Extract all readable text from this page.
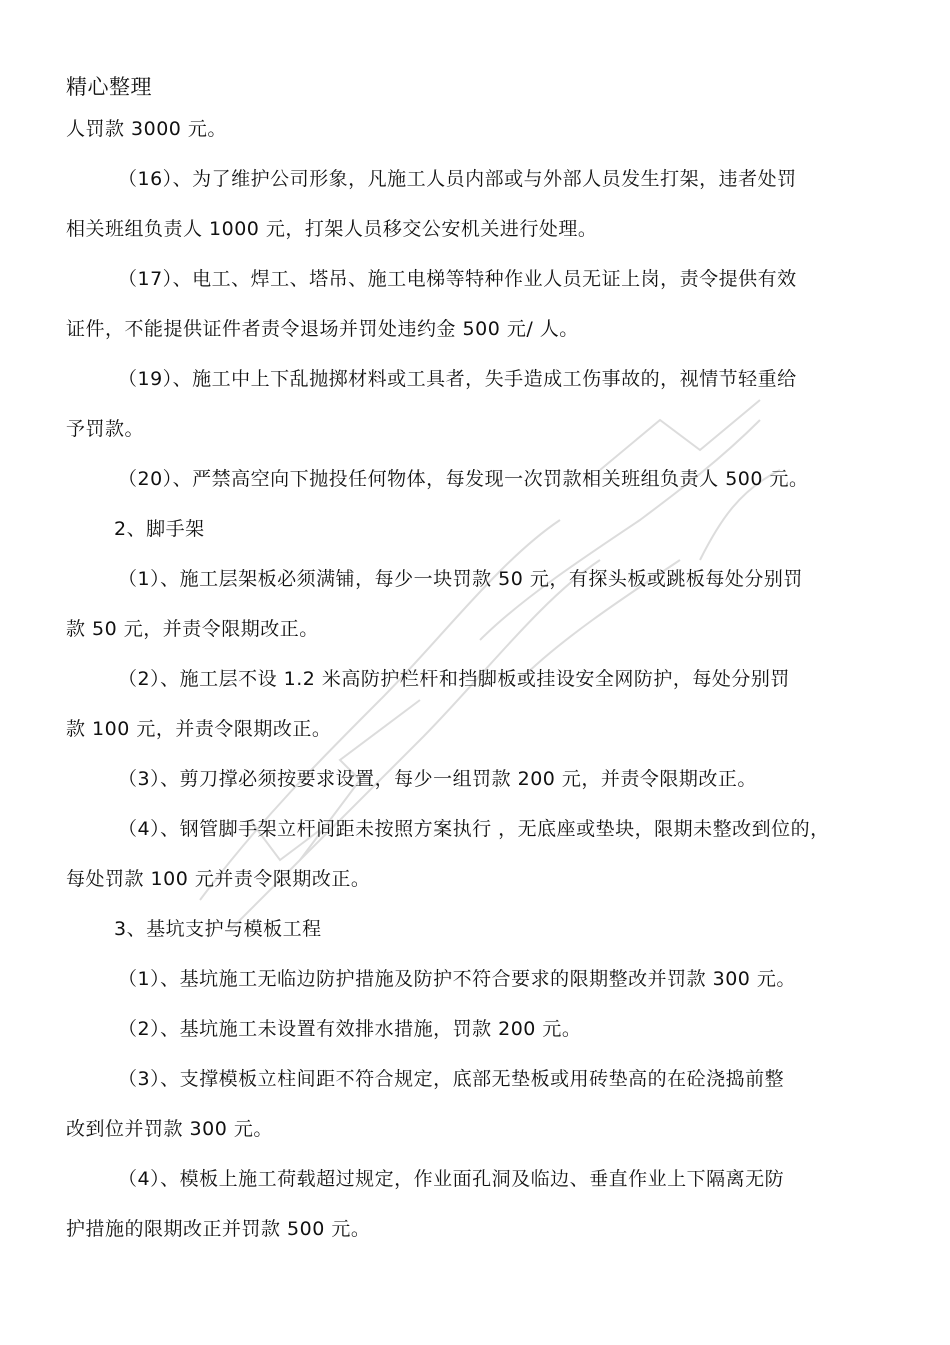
精心整理
人罚款 3000 元。
（16）、为了维护公司形象，凡施工人员内部或与外部人员发生打架，违者处罚
相关班组负责人 1000 元，打架人员移交公安机关进行处理。
（17）、电工、焊工、塔吊、施工电梯等特种作业人员无证上岗，责令提供有效
证件，不能提供证件者责令退场并罚处违约金 500 元/ 人。
（19）、施工中上下乱抛掷材料或工具者，失手造成工伤事故的，视情节轻重给
予罚款。
（20）、严禁高空向下抛投任何物体，每发现一次罚款相关班组负责人 500 元。
2、脚手架
（1）、施工层架板必须满铺，每少一块罚款 50 元，有探头板或跳板每处分别罚
款 50 元，并责令限期改正。
（2）、施工层不设 1.2 米高防护栏杆和挡脚板或挂设安全网防护，每处分别罚
款 100 元，并责令限期改正。
（3）、剪刀撑必须按要求设置，每少一组罚款 200 元，并责令限期改正。
（4）、钢管脚手架立杆间距未按照方案执行 ，无底座或垫块，限期未整改到位的，
每处罚款 100 元并责令限期改正。
3、基坑支护与模板工程
（1）、基坑施工无临边防护措施及防护不符合要求的限期整改并罚款 300 元。
（2）、基坑施工未设置有效排水措施，罚款 200 元。
（3）、支撑模板立柱间距不符合规定，底部无垫板或用砖垫高的在砼浇捣前整
改到位并罚款 300 元。
（4）、模板上施工荷载超过规定，作业面孔洞及临边、垂直作业上下隔离无防
护措施的限期改正并罚款 500 元。
